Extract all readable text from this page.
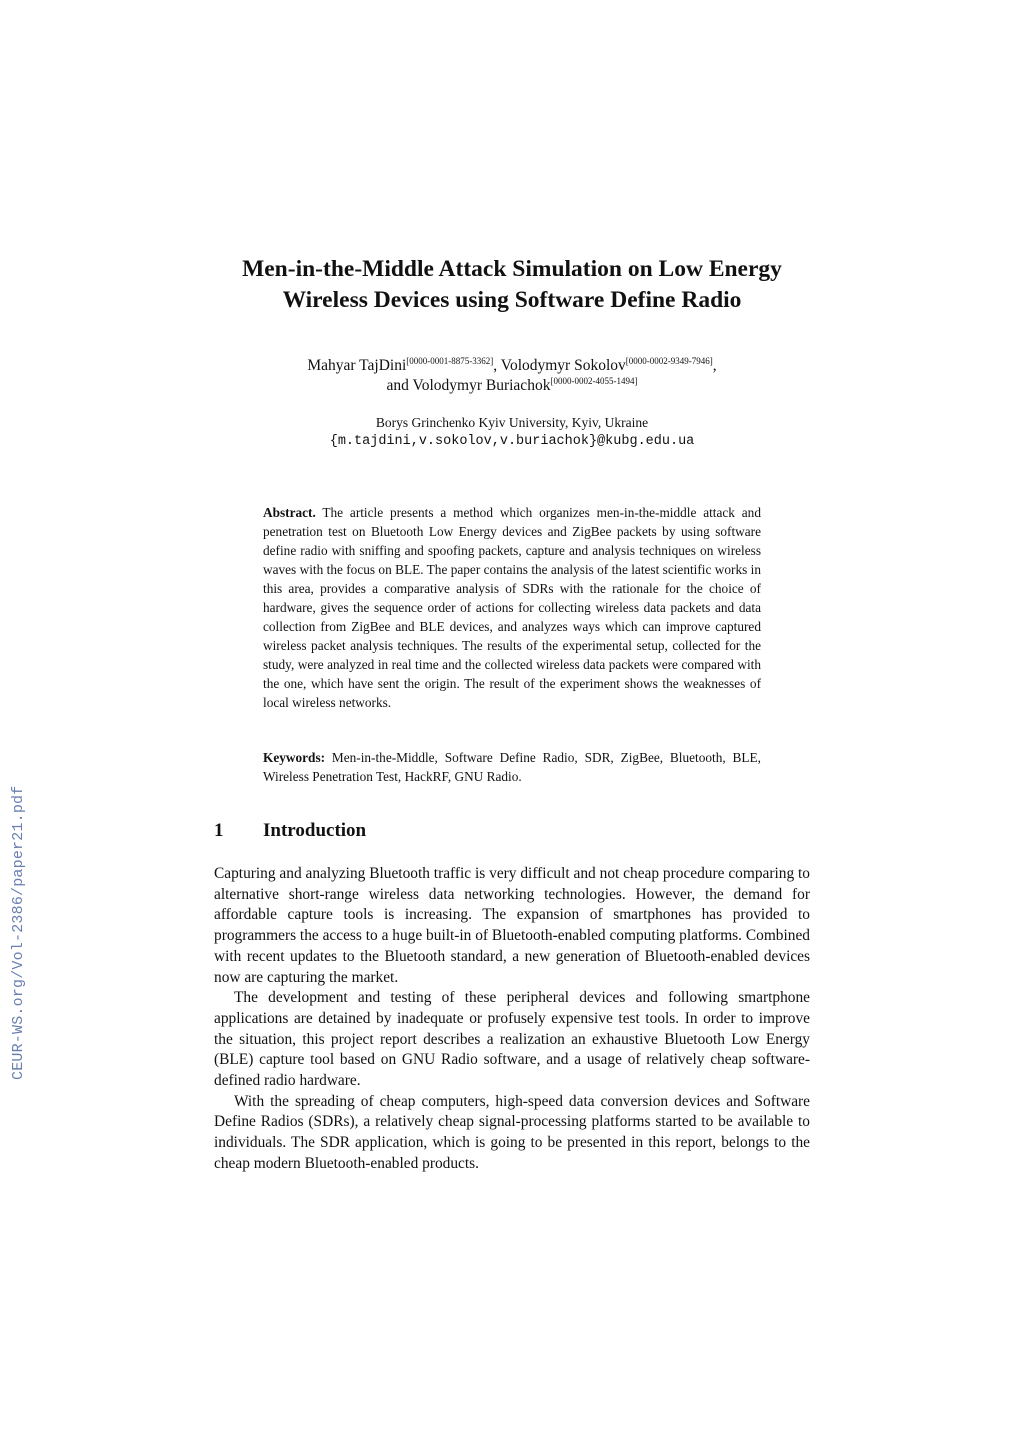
CEUR-WS.org/Vol-2386/paper21.pdf
Men-in-the-Middle Attack Simulation on Low Energy
Wireless Devices using Software Define Radio
Mahyar TajDini[0000-0001-8875-3362], Volodymyr Sokolov[0000-0002-9349-7946],
and Volodymyr Buriachok[0000-0002-4055-1494]
Borys Grinchenko Kyiv University, Kyiv, Ukraine
{m.tajdini,v.sokolov,v.buriachok}@kubg.edu.ua
Abstract. The article presents a method which organizes men-in-the-middle attack and penetration test on Bluetooth Low Energy devices and ZigBee packets by using software define radio with sniffing and spoofing packets, capture and analysis techniques on wireless waves with the focus on BLE. The paper contains the analysis of the latest scientific works in this area, provides a comparative analysis of SDRs with the rationale for the choice of hardware, gives the sequence order of actions for collecting wireless data packets and data collection from ZigBee and BLE devices, and analyzes ways which can improve captured wireless packet analysis techniques. The results of the experimental setup, collected for the study, were analyzed in real time and the collected wireless data packets were compared with the one, which have sent the origin. The result of the experiment shows the weaknesses of local wireless networks.
Keywords: Men-in-the-Middle, Software Define Radio, SDR, ZigBee, Bluetooth, BLE, Wireless Penetration Test, HackRF, GNU Radio.
1 Introduction

Capturing and analyzing Bluetooth traffic is very difficult and not cheap procedure comparing to alternative short-range wireless data networking technologies. However, the demand for affordable capture tools is increasing. The expansion of smartphones has provided to programmers the access to a huge built-in of Bluetooth-enabled computing platforms. Combined with recent updates to the Bluetooth standard, a new generation of Bluetooth-enabled devices now are capturing the market.

The development and testing of these peripheral devices and following smartphone applications are detained by inadequate or profusely expensive test tools. In order to improve the situation, this project report describes a realization an exhaustive Bluetooth Low Energy (BLE) capture tool based on GNU Radio software, and a usage of relatively cheap software-defined radio hardware.

With the spreading of cheap computers, high-speed data conversion devices and Software Define Radios (SDRs), a relatively cheap signal-processing platforms started to be available to individuals. The SDR application, which is going to be presented in this report, belongs to the cheap modern Bluetooth-enabled products.
